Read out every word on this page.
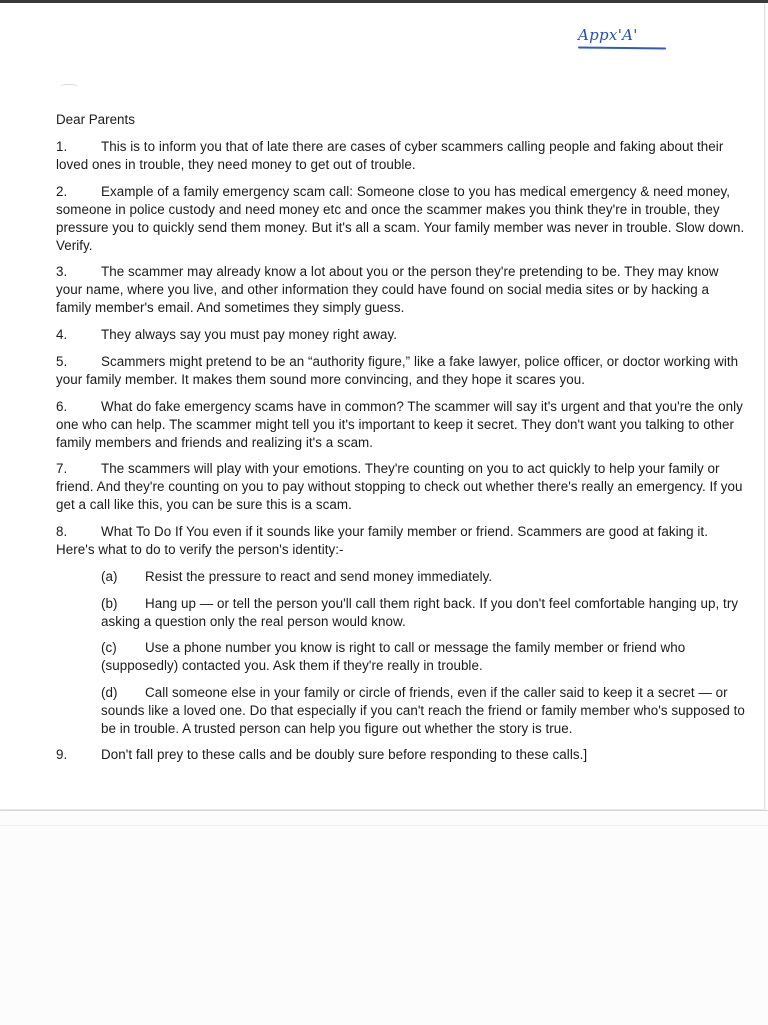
Appx'A'
Dear Parents
1.	This is to inform you that of late there are cases of cyber scammers calling people and faking about their loved ones in trouble, they need money to get out of trouble.
2.	Example of a family emergency scam call: Someone close to you has medical emergency & need money, someone in police custody and need money etc and once the scammer makes you think they're in trouble, they pressure you to quickly send them money. But it's all a scam. Your family member was never in trouble. Slow down. Verify.
3.	The scammer may already know a lot about you or the person they're pretending to be. They may know your name, where you live, and other information they could have found on social media sites or by hacking a family member's email. And sometimes they simply guess.
4.	They always say you must pay money right away.
5.	Scammers might pretend to be an “authority figure,” like a fake lawyer, police officer, or doctor working with your family member. It makes them sound more convincing, and they hope it scares you.
6.	What do fake emergency scams have in common? The scammer will say it's urgent and that you're the only one who can help. The scammer might tell you it's important to keep it secret. They don't want you talking to other family members and friends and realizing it's a scam.
7.	The scammers will play with your emotions. They're counting on you to act quickly to help your family or friend. And they're counting on you to pay without stopping to check out whether there's really an emergency. If you get a call like this, you can be sure this is a scam.
8.	What To Do If You even if it sounds like your family member or friend. Scammers are good at faking it. Here's what to do to verify the person's identity:-
(a) Resist the pressure to react and send money immediately.
(b) Hang up — or tell the person you'll call them right back. If you don't feel comfortable hanging up, try asking a question only the real person would know.
(c) Use a phone number you know is right to call or message the family member or friend who (supposedly) contacted you. Ask them if they're really in trouble.
(d) Call someone else in your family or circle of friends, even if the caller said to keep it a secret — or sounds like a loved one. Do that especially if you can't reach the friend or family member who's supposed to be in trouble. A trusted person can help you figure out whether the story is true.
9.	Don't fall prey to these calls and be doubly sure before responding to these calls.]
